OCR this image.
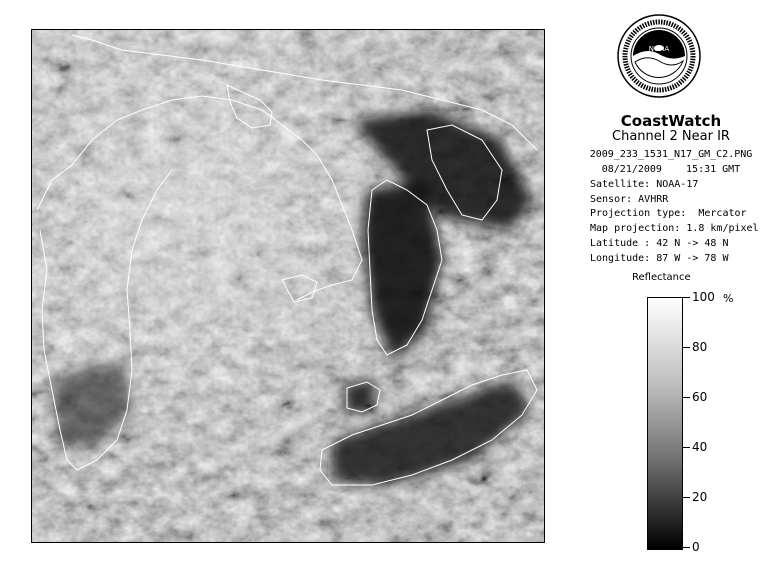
NOAA
CoastWatch
Channel 2 Near IR
2009_233_1531_N17_GM_C2.PNG
08/21/2009    15:31 GMT
Satellite: NOAA-17
Sensor: AVHRR
Projection type:  Mercator
Map projection: 1.8 km/pixel
Latitude : 42 N -> 48 N
Longitude: 87 W -> 78 W
Reflectance
%
100
80
60
40
20
0
